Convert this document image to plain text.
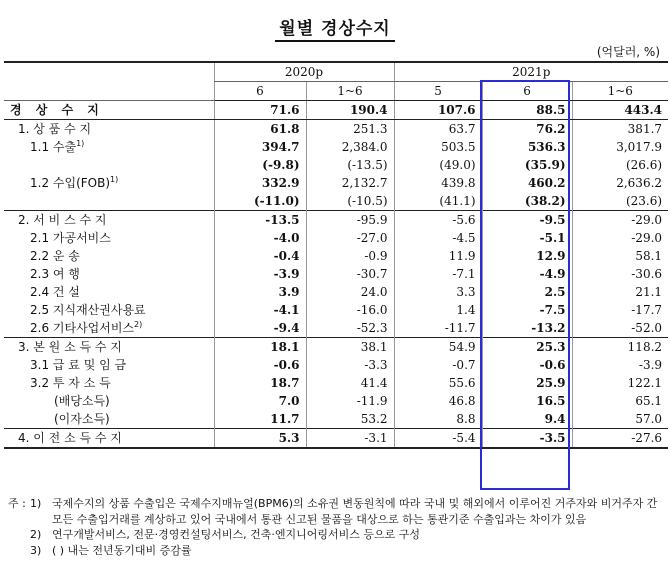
월별 경상수지
(억달러, %)
	2020p		2021p		
	6	1~6	5	6	1~6
경 상 수 지	71.6	190.4	107.6	88.5	443.4
1. 상 품 수 지	61.8	251.3	63.7	76.2	381.7
1.1 수출$^{1)}$	394.7	2,384.0	503.5	536.3	3,017.9
	(-9.8)	(-13.5)	(49.0)	(35.9)	(26.6)
1.2 수입(FOB)$^{1)}$	332.9	2,132.7	439.8	460.2	2,636.2
	(-11.0)	(-10.5)	(41.1)	(38.2)	(23.6)
2. 서 비 스 수 지	-13.5	-95.9	-5.6	-9.5	-29.0
2.1 가공서비스	-4.0	-27.0	-4.5	-5.1	-29.0
2.2 운 송	-0.4	-0.9	11.9	12.9	58.1
2.3 여 행	-3.9	-30.7	-7.1	-4.9	-30.6
2.4 건 설	3.9	24.0	3.3	2.5	21.1
2.5 지식재산권사용료	-4.1	-16.0	1.4	-7.5	-17.7
2.6 기타사업서비스$^{2)}$	-9.4	-52.3	-11.7	-13.2	-52.0
3. 본 원 소 득 수 지	18.1	38.1	54.9	25.3	118.2
3.1 급 료 및 임 금	-0.6	-3.3	-0.7	-0.6	-3.9
3.2 투 자 소 득	18.7	41.4	55.6	25.9	122.1
(배당소득)	7.0	-11.9	46.8	16.5	65.1
(이자소득)	11.7	53.2	8.8	9.4	57.0
4. 이 전 소 득 수 지	5.3	-3.1	-5.4	-3.5	-27.6
주 : 1) 국제수지의 상품 수출입은 국제수지매뉴얼(BPM6)의 소유권 변동원칙에 따라 국내 및 해외에서 이루어진 거주자와 비거주자 간 모든 수출입거래를 계상하고 있어 국내에서 통관 신고된 물품을 대상으로 하는 통관기준 수출입과는 차이가 있음
2) 연구개발서비스, 전문·경영컨설팅서비스, 건축·엔지니어링서비스 등으로 구성
3) ( ) 내는 전년동기대비 증감률
